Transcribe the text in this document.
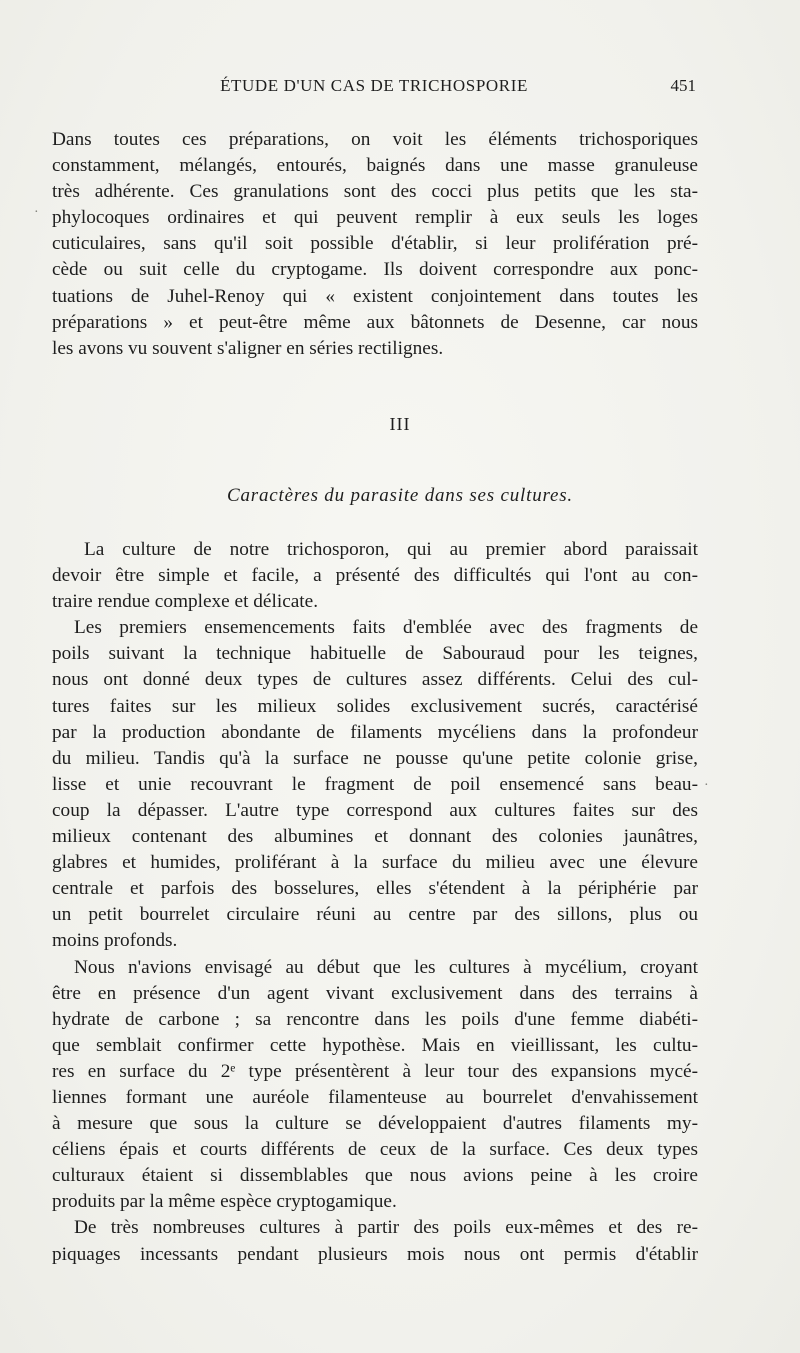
ÉTUDE D'UN CAS DE TRICHOSPORIE	451
Dans toutes ces préparations, on voit les éléments trichosporiques
constamment, mélangés, entourés, baignés dans une masse granuleuse
très adhérente. Ces granulations sont des cocci plus petits que les sta-
phylocoques ordinaires et qui peuvent remplir à eux seuls les loges
cuticulaires, sans qu'il soit possible d'établir, si leur prolifération pré-
cède ou suit celle du cryptogame. Ils doivent correspondre aux ponc-
tuations de Juhel-Renoy qui « existent conjointement dans toutes les
préparations » et peut-être même aux bâtonnets de Desenne, car nous
les avons vu souvent s'aligner en séries rectilignes.
III
Caractères du parasite dans ses cultures.
La culture de notre trichosporon, qui au premier abord paraissait
devoir être simple et facile, a présenté des difficultés qui l'ont au con-
traire rendue complexe et délicate.
Les premiers ensemencements faits d'emblée avec des fragments de
poils suivant la technique habituelle de Sabouraud pour les teignes,
nous ont donné deux types de cultures assez différents. Celui des cul-
tures faites sur les milieux solides exclusivement sucrés, caractérisé
par la production abondante de filaments mycéliens dans la profondeur
du milieu. Tandis qu'à la surface ne pousse qu'une petite colonie grise,
lisse et unie recouvrant le fragment de poil ensemencé sans beau-
coup la dépasser. L'autre type correspond aux cultures faites sur des
milieux contenant des albumines et donnant des colonies jaunâtres,
glabres et humides, proliférant à la surface du milieu avec une élevure
centrale et parfois des bosselures, elles s'étendent à la périphérie par
un petit bourrelet circulaire réuni au centre par des sillons, plus ou
moins profonds.
Nous n'avions envisagé au début que les cultures à mycélium, croyant
être en présence d'un agent vivant exclusivement dans des terrains à
hydrate de carbone ; sa rencontre dans les poils d'une femme diabéti-
que semblait confirmer cette hypothèse. Mais en vieillissant, les cultu-
res en surface du 2ᵉ type présentèrent à leur tour des expansions mycé-
liennes formant une auréole filamenteuse au bourrelet d'envahissement
à mesure que sous la culture se développaient d'autres filaments my-
céliens épais et courts différents de ceux de la surface. Ces deux types
culturaux étaient si dissemblables que nous avions peine à les croire
produits par la même espèce cryptogamique.
De très nombreuses cultures à partir des poils eux-mêmes et des re-
piquages incessants pendant plusieurs mois nous ont permis d'établir
·
·
